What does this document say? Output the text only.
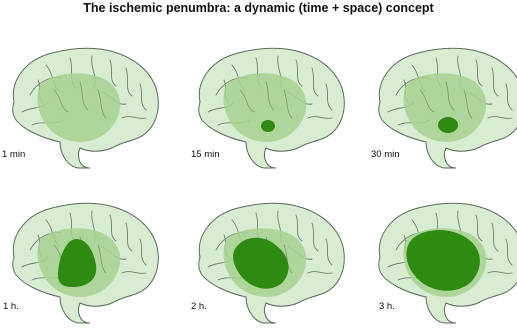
The ischemic penumbra: a dynamic (time + space) concept
1 min	15 min	30 min
1 h.	2 h.	3 h.
